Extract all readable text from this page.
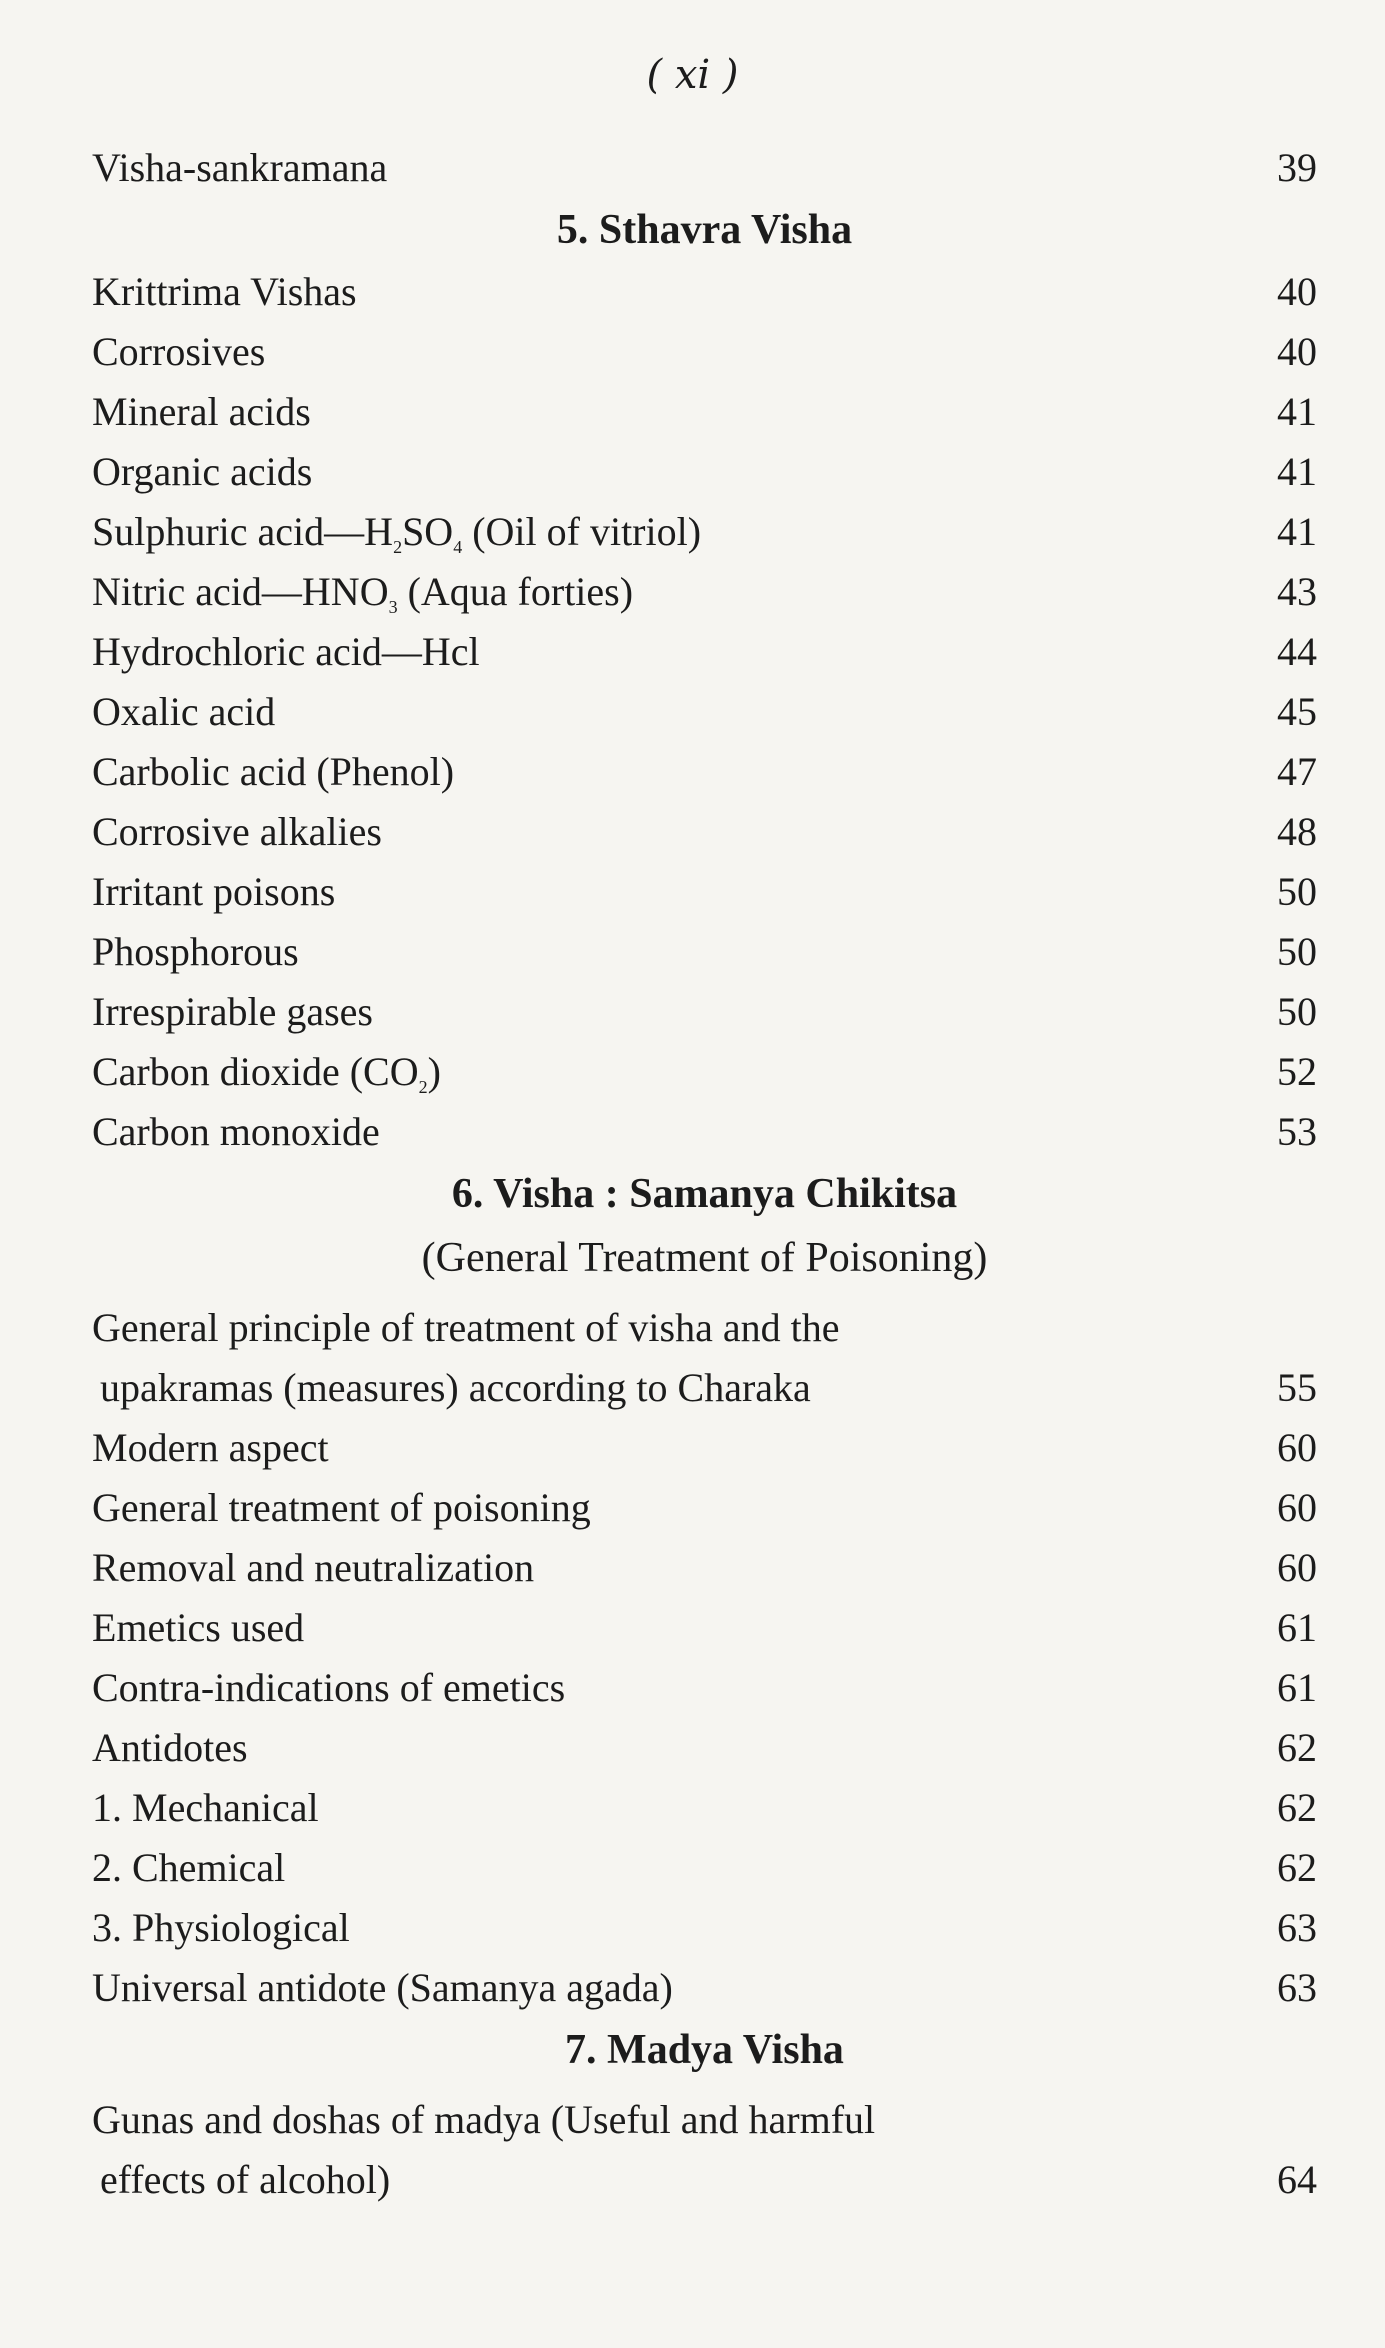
( xi )
Visha-sankramana	39
5. Sthavra Visha
Krittrima Vishas	40
Corrosives	40
Mineral acids	41
Organic acids	41
Sulphuric $acid—H_2SO_4$ (Oil of vitriol)	41
Nitric $acid—HNO_3$ (Aqua forties)	43
Hydrochloric acid—Hcl	44
Oxalic acid	45
Carbolic acid (Phenol)	47
Corrosive alkalies	48
Irritant poisons	50
Phosphorous	50
Irrespirable gases	50
Carbon dioxide $(CO_2)$	52
Carbon monoxide	53
6. Visha : Samanya Chikitsa
(General Treatment of Poisoning)
General principle of treatment of visha and the
upakramas (measures) according to Charaka	55
Modern aspect	60
General treatment of poisoning	60
Removal and neutralization	60
Emetics used	61
Contra-indications of emetics	61
Antidotes	62
1. Mechanical	62
2. Chemical	62
3. Physiological	63
Universal antidote (Samanya agada)	63
7. Madya Visha
Gunas and doshas of madya (Useful and harmful
effects of alcohol)	64
